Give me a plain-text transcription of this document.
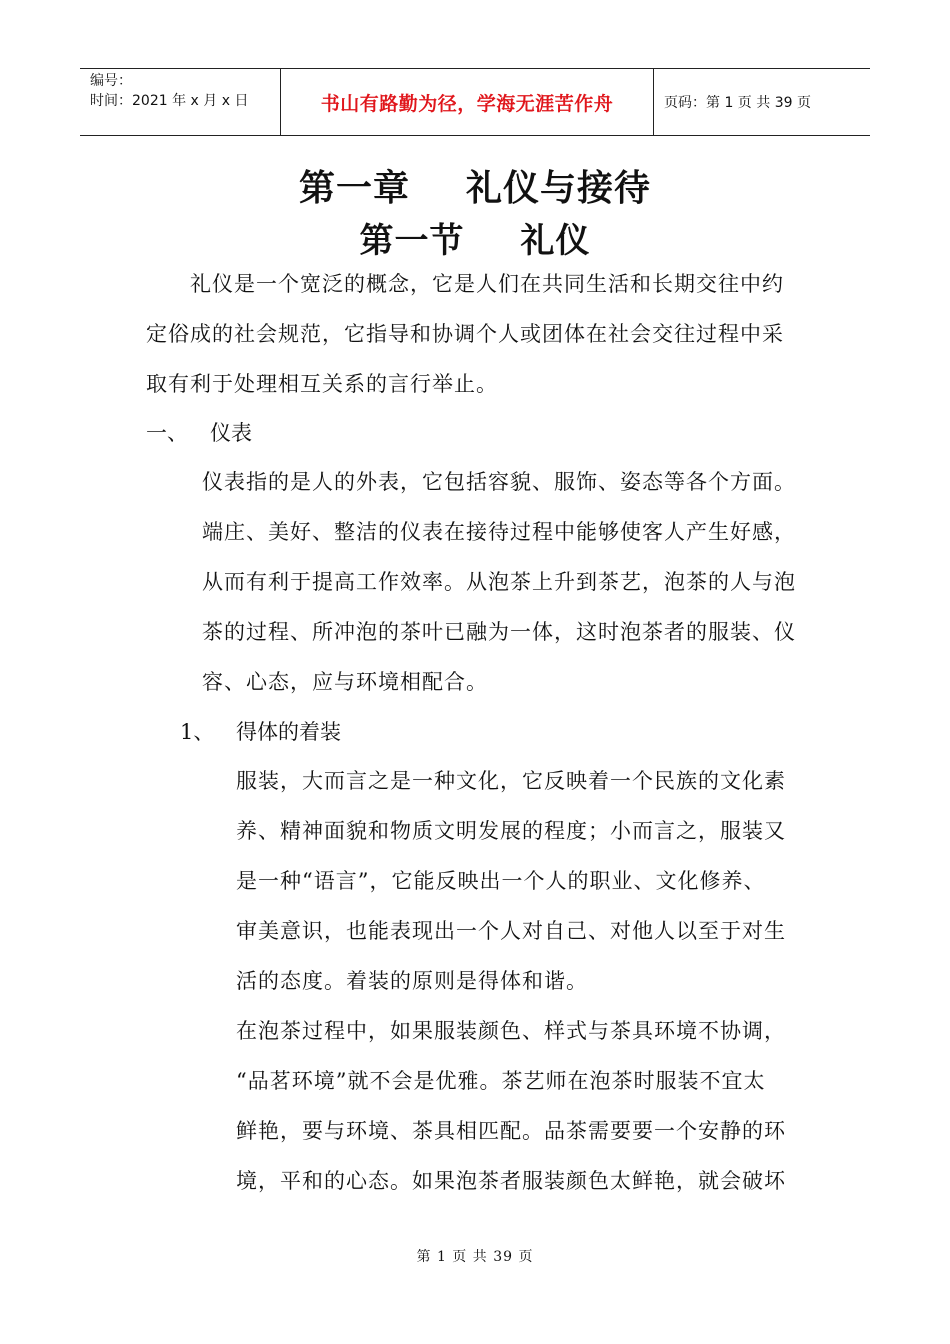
编号：
时间：2021 年 x 月 x 日	书山有路勤为径，学海无涯苦作舟	页码：第 1 页 共 39 页
第一章 礼仪与接待
第一节 礼仪
礼仪是一个宽泛的概念，它是人们在共同生活和长期交往中约
定俗成的社会规范，它指导和协调个人或团体在社会交往过程中采
取有利于处理相互关系的言行举止。
一、 仪表
仪表指的是人的外表，它包括容貌、服饰、姿态等各个方面。
端庄、美好、整洁的仪表在接待过程中能够使客人产生好感，
从而有利于提高工作效率。从泡茶上升到茶艺，泡茶的人与泡
茶的过程、所冲泡的茶叶已融为一体，这时泡茶者的服装、仪
容、心态，应与环境相配合。
1、 得体的着装
服装，大而言之是一种文化，它反映着一个民族的文化素
养、精神面貌和物质文明发展的程度；小而言之，服装又
是一种“语言”，它能反映出一个人的职业、文化修养、
审美意识，也能表现出一个人对自己、对他人以至于对生
活的态度。着装的原则是得体和谐。
在泡茶过程中，如果服装颜色、样式与茶具环境不协调，
“品茗环境”就不会是优雅。茶艺师在泡茶时服装不宜太
鲜艳，要与环境、茶具相匹配。品茶需要要一个安静的环
境，平和的心态。如果泡茶者服装颜色太鲜艳，就会破坏
第 1 页 共 39 页
